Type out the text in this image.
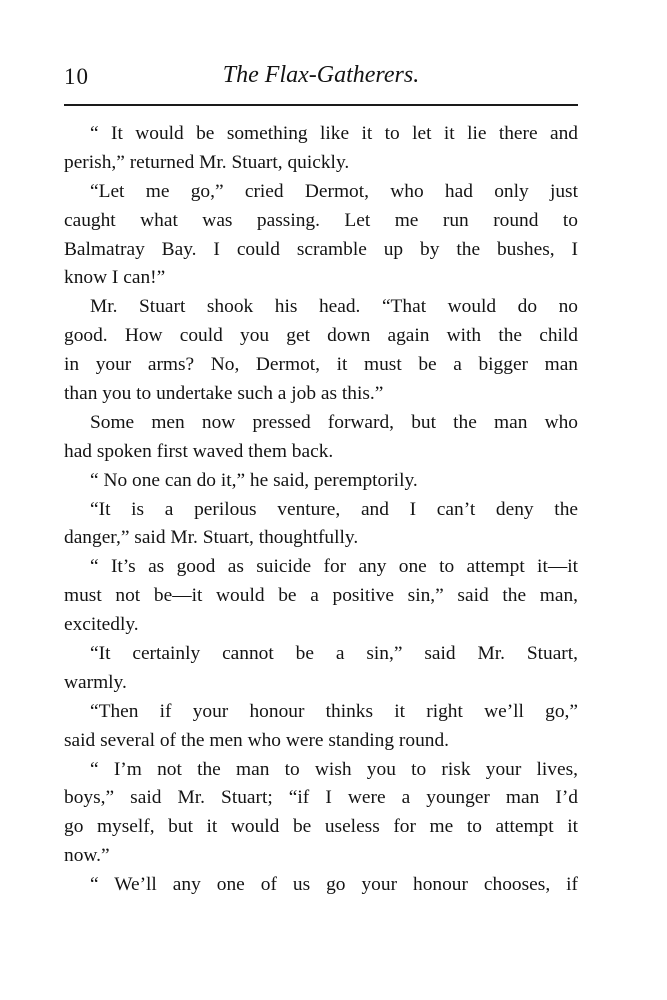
10	The Flax-Gatherers.
“ It would be something like it to let it lie there and
perish,” returned Mr. Stuart, quickly.
“Let me go,” cried Dermot, who had only just
caught what was passing. Let me run round to
Balmatray Bay. I could scramble up by the bushes, I
know I can!”
Mr. Stuart shook his head. “That would do no
good. How could you get down again with the child
in your arms? No, Dermot, it must be a bigger man
than you to undertake such a job as this.”
Some men now pressed forward, but the man who
had spoken first waved them back.
“ No one can do it,” he said, peremptorily.
“It is a perilous venture, and I can’t deny the
danger,” said Mr. Stuart, thoughtfully.
“ It’s as good as suicide for any one to attempt it—it
must not be—it would be a positive sin,” said the man,
excitedly.
“It certainly cannot be a sin,” said Mr. Stuart,
warmly.
“Then if your honour thinks it right we’ll go,”
said several of the men who were standing round.
“ I’m not the man to wish you to risk your lives,
boys,” said Mr. Stuart; “if I were a younger man I’d
go myself, but it would be useless for me to attempt it
now.”
“ We’ll any one of us go your honour chooses, if
